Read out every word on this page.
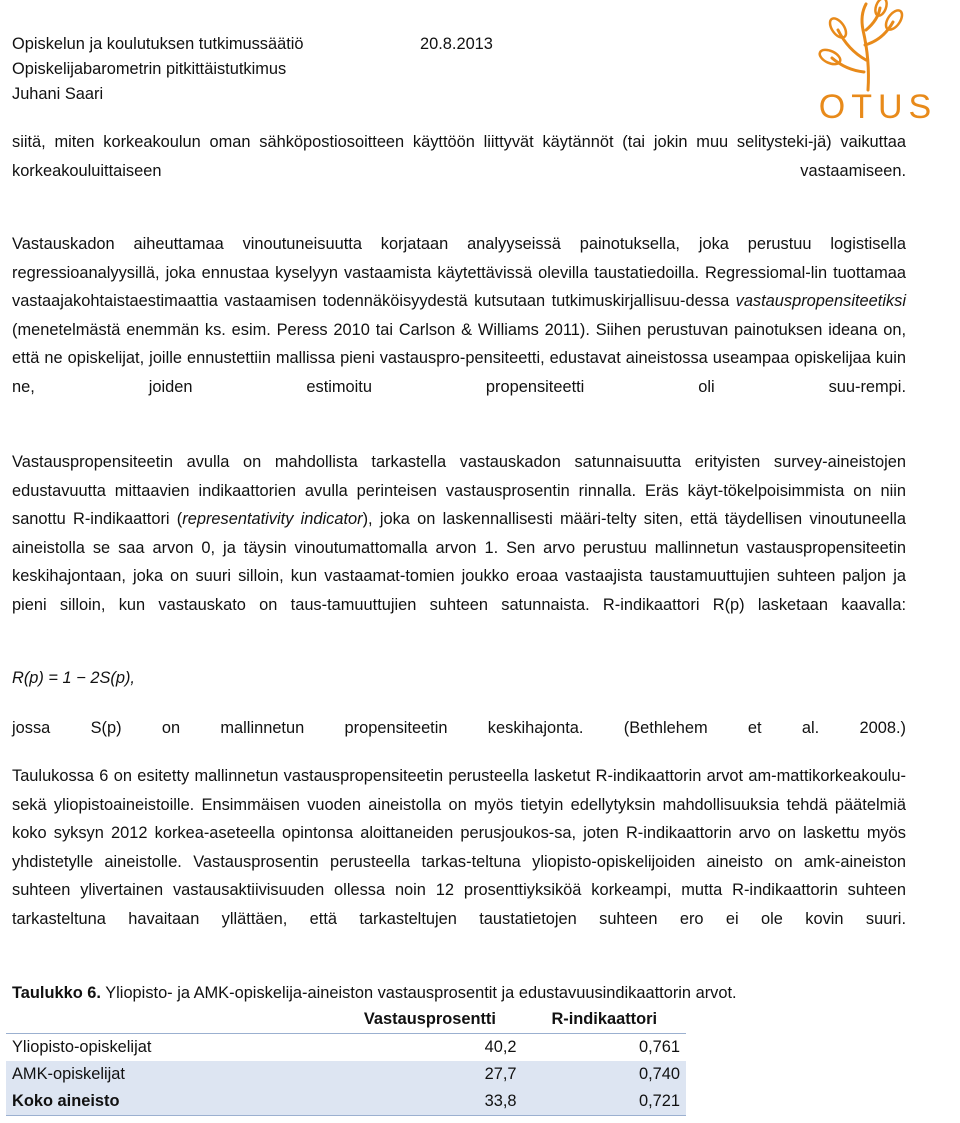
Opiskelun ja koulutuksen tutkimussäätiö	20.8.2013
Opiskelijabarometrin pitkittäistutkimus
Juhani Saari	OTUS

siitä, miten korkeakoulun oman sähköpostiosoitteen käyttöön liittyvät käytännöt (tai jokin muu selitysteki-jä) vaikuttaa korkeakouluittaiseen vastaamiseen.

Vastauskadon aiheuttamaa vinoutuneisuutta korjataan analyyseissä painotuksella, joka perustuu logistisella regressioanalyysillä, joka ennustaa kyselyyn vastaamista käytettävissä olevilla taustatiedoilla. Regressiomal-lin tuottamaa vastaajakohtaistaestimaattia vastaamisen todennäköisyydestä kutsutaan tutkimuskirjallisuu-dessa vastauspropensiteetiksi (menetelmästä enemmän ks. esim. Peress 2010 tai Carlson & Williams 2011). Siihen perustuvan painotuksen ideana on, että ne opiskelijat, joille ennustettiin mallissa pieni vastauspro-pensiteetti, edustavat aineistossa useampaa opiskelijaa kuin ne, joiden estimoitu propensiteetti oli suu-rempi.

Vastauspropensiteetin avulla on mahdollista tarkastella vastauskadon satunnaisuutta erityisten survey-aineistojen edustavuutta mittaavien indikaattorien avulla perinteisen vastausprosentin rinnalla. Eräs käyt-tökelpoisimmista on niin sanottu R-indikaattori (representativity indicator), joka on laskennallisesti määri-telty siten, että täydellisen vinoutuneella aineistolla se saa arvon 0, ja täysin vinoutumattomalla arvon 1. Sen arvo perustuu mallinnetun vastauspropensiteetin keskihajontaan, joka on suuri silloin, kun vastaamat-tomien joukko eroaa vastaajista taustamuuttujien suhteen paljon ja pieni silloin, kun vastauskato on taus-tamuuttujien suhteen satunnaista. R-indikaattori R(p) lasketaan kaavalla:

R(p) = 1 − 2S(p),

jossa S(p) on mallinnetun propensiteetin keskihajonta. (Bethlehem et al. 2008.)

Taulukossa 6 on esitetty mallinnetun vastauspropensiteetin perusteella lasketut R-indikaattorin arvot am-mattikorkeakoulu- sekä yliopistoaineistoille. Ensimmäisen vuoden aineistolla on myös tietyin edellytyksin mahdollisuuksia tehdä päätelmiä koko syksyn 2012 korkea-aseteella opintonsa aloittaneiden perusjoukos-sa, joten R-indikaattorin arvo on laskettu myös yhdistetylle aineistolle. Vastausprosentin perusteella tarkas-teltuna yliopisto-opiskelijoiden aineisto on amk-aineiston suhteen ylivertainen vastausaktiivisuuden ollessa noin 12 prosenttiyksiköä korkeampi, mutta R-indikaattorin suhteen tarkasteltuna havaitaan yllättäen, että tarkasteltujen taustatietojen suhteen ero ei ole kovin suuri.

Taulukko 6. Yliopisto- ja AMK-opiskelija-aineiston vastausprosentit ja edustavuusindikaattorin arvot.
	Vastausprosentti	R-indikaattori
Yliopisto-opiskelijat	40,2	0,761
AMK-opiskelijat	27,7	0,740
Koko aineisto	33,8	0,721
